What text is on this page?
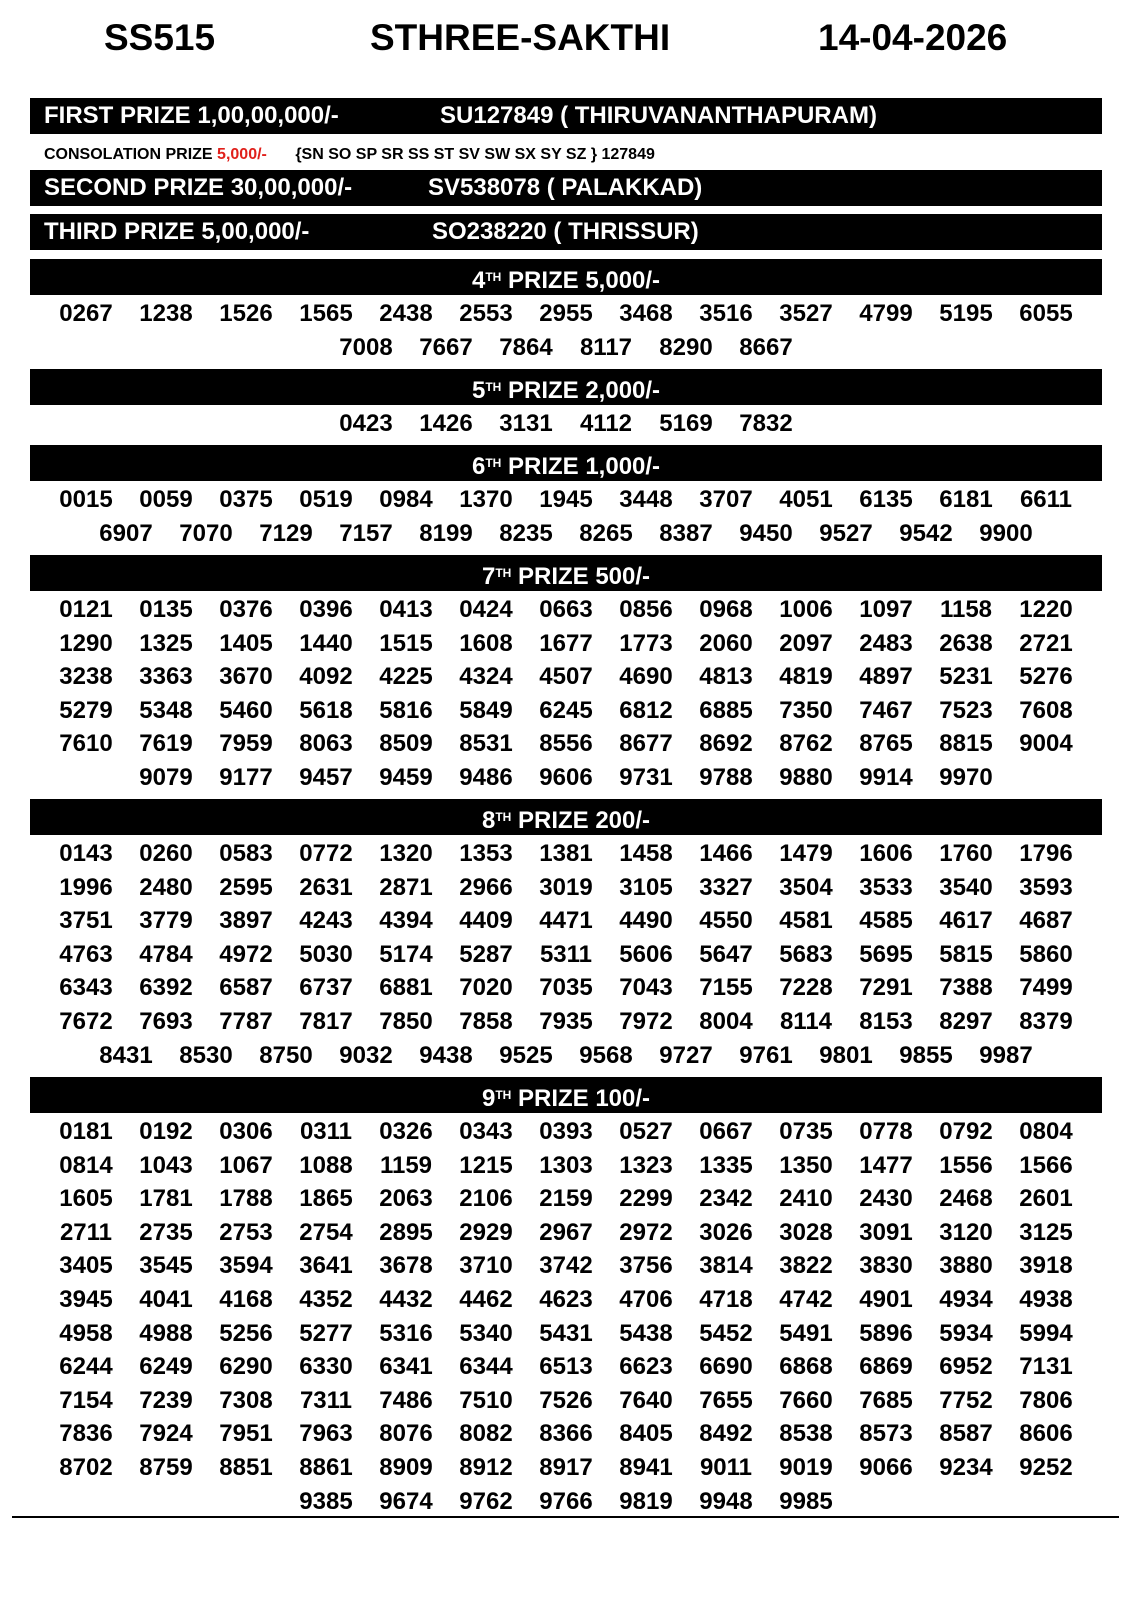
SS515	STHREE-SAKTHI	14-04-2026
FIRST PRIZE 1,00,00,000/-	SU127849 ( THIRUVANANTHAPURAM)
CONSOLATION PRIZE 5,000/- {SN SO SP SR SS ST SV SW SX SY SZ } 127849
SECOND PRIZE 30,00,000/-	SV538078 ( PALAKKAD)
THIRD PRIZE 5,00,000/-	SO238220 ( THRISSUR)
4TH PRIZE 5,000/-
0267	1238	1526	1565	2438	2553	2955	3468	3516	3527	4799	5195	6055
7008	7667	7864	8117	8290	8667
5TH PRIZE 2,000/-
0423	1426	3131	4112	5169	7832
6TH PRIZE 1,000/-
0015	0059	0375	0519	0984	1370	1945	3448	3707	4051	6135	6181	6611
6907	7070	7129	7157	8199	8235	8265	8387	9450	9527	9542	9900
7TH PRIZE 500/-
0121	0135	0376	0396	0413	0424	0663	0856	0968	1006	1097	1158	1220
1290	1325	1405	1440	1515	1608	1677	1773	2060	2097	2483	2638	2721
3238	3363	3670	4092	4225	4324	4507	4690	4813	4819	4897	5231	5276
5279	5348	5460	5618	5816	5849	6245	6812	6885	7350	7467	7523	7608
7610	7619	7959	8063	8509	8531	8556	8677	8692	8762	8765	8815	9004
9079	9177	9457	9459	9486	9606	9731	9788	9880	9914	9970
8TH PRIZE 200/-
0143	0260	0583	0772	1320	1353	1381	1458	1466	1479	1606	1760	1796
1996	2480	2595	2631	2871	2966	3019	3105	3327	3504	3533	3540	3593
3751	3779	3897	4243	4394	4409	4471	4490	4550	4581	4585	4617	4687
4763	4784	4972	5030	5174	5287	5311	5606	5647	5683	5695	5815	5860
6343	6392	6587	6737	6881	7020	7035	7043	7155	7228	7291	7388	7499
7672	7693	7787	7817	7850	7858	7935	7972	8004	8114	8153	8297	8379
8431	8530	8750	9032	9438	9525	9568	9727	9761	9801	9855	9987
9TH PRIZE 100/-
0181	0192	0306	0311	0326	0343	0393	0527	0667	0735	0778	0792	0804
0814	1043	1067	1088	1159	1215	1303	1323	1335	1350	1477	1556	1566
1605	1781	1788	1865	2063	2106	2159	2299	2342	2410	2430	2468	2601
2711	2735	2753	2754	2895	2929	2967	2972	3026	3028	3091	3120	3125
3405	3545	3594	3641	3678	3710	3742	3756	3814	3822	3830	3880	3918
3945	4041	4168	4352	4432	4462	4623	4706	4718	4742	4901	4934	4938
4958	4988	5256	5277	5316	5340	5431	5438	5452	5491	5896	5934	5994
6244	6249	6290	6330	6341	6344	6513	6623	6690	6868	6869	6952	7131
7154	7239	7308	7311	7486	7510	7526	7640	7655	7660	7685	7752	7806
7836	7924	7951	7963	8076	8082	8366	8405	8492	8538	8573	8587	8606
8702	8759	8851	8861	8909	8912	8917	8941	9011	9019	9066	9234	9252
9385	9674	9762	9766	9819	9948	9985
